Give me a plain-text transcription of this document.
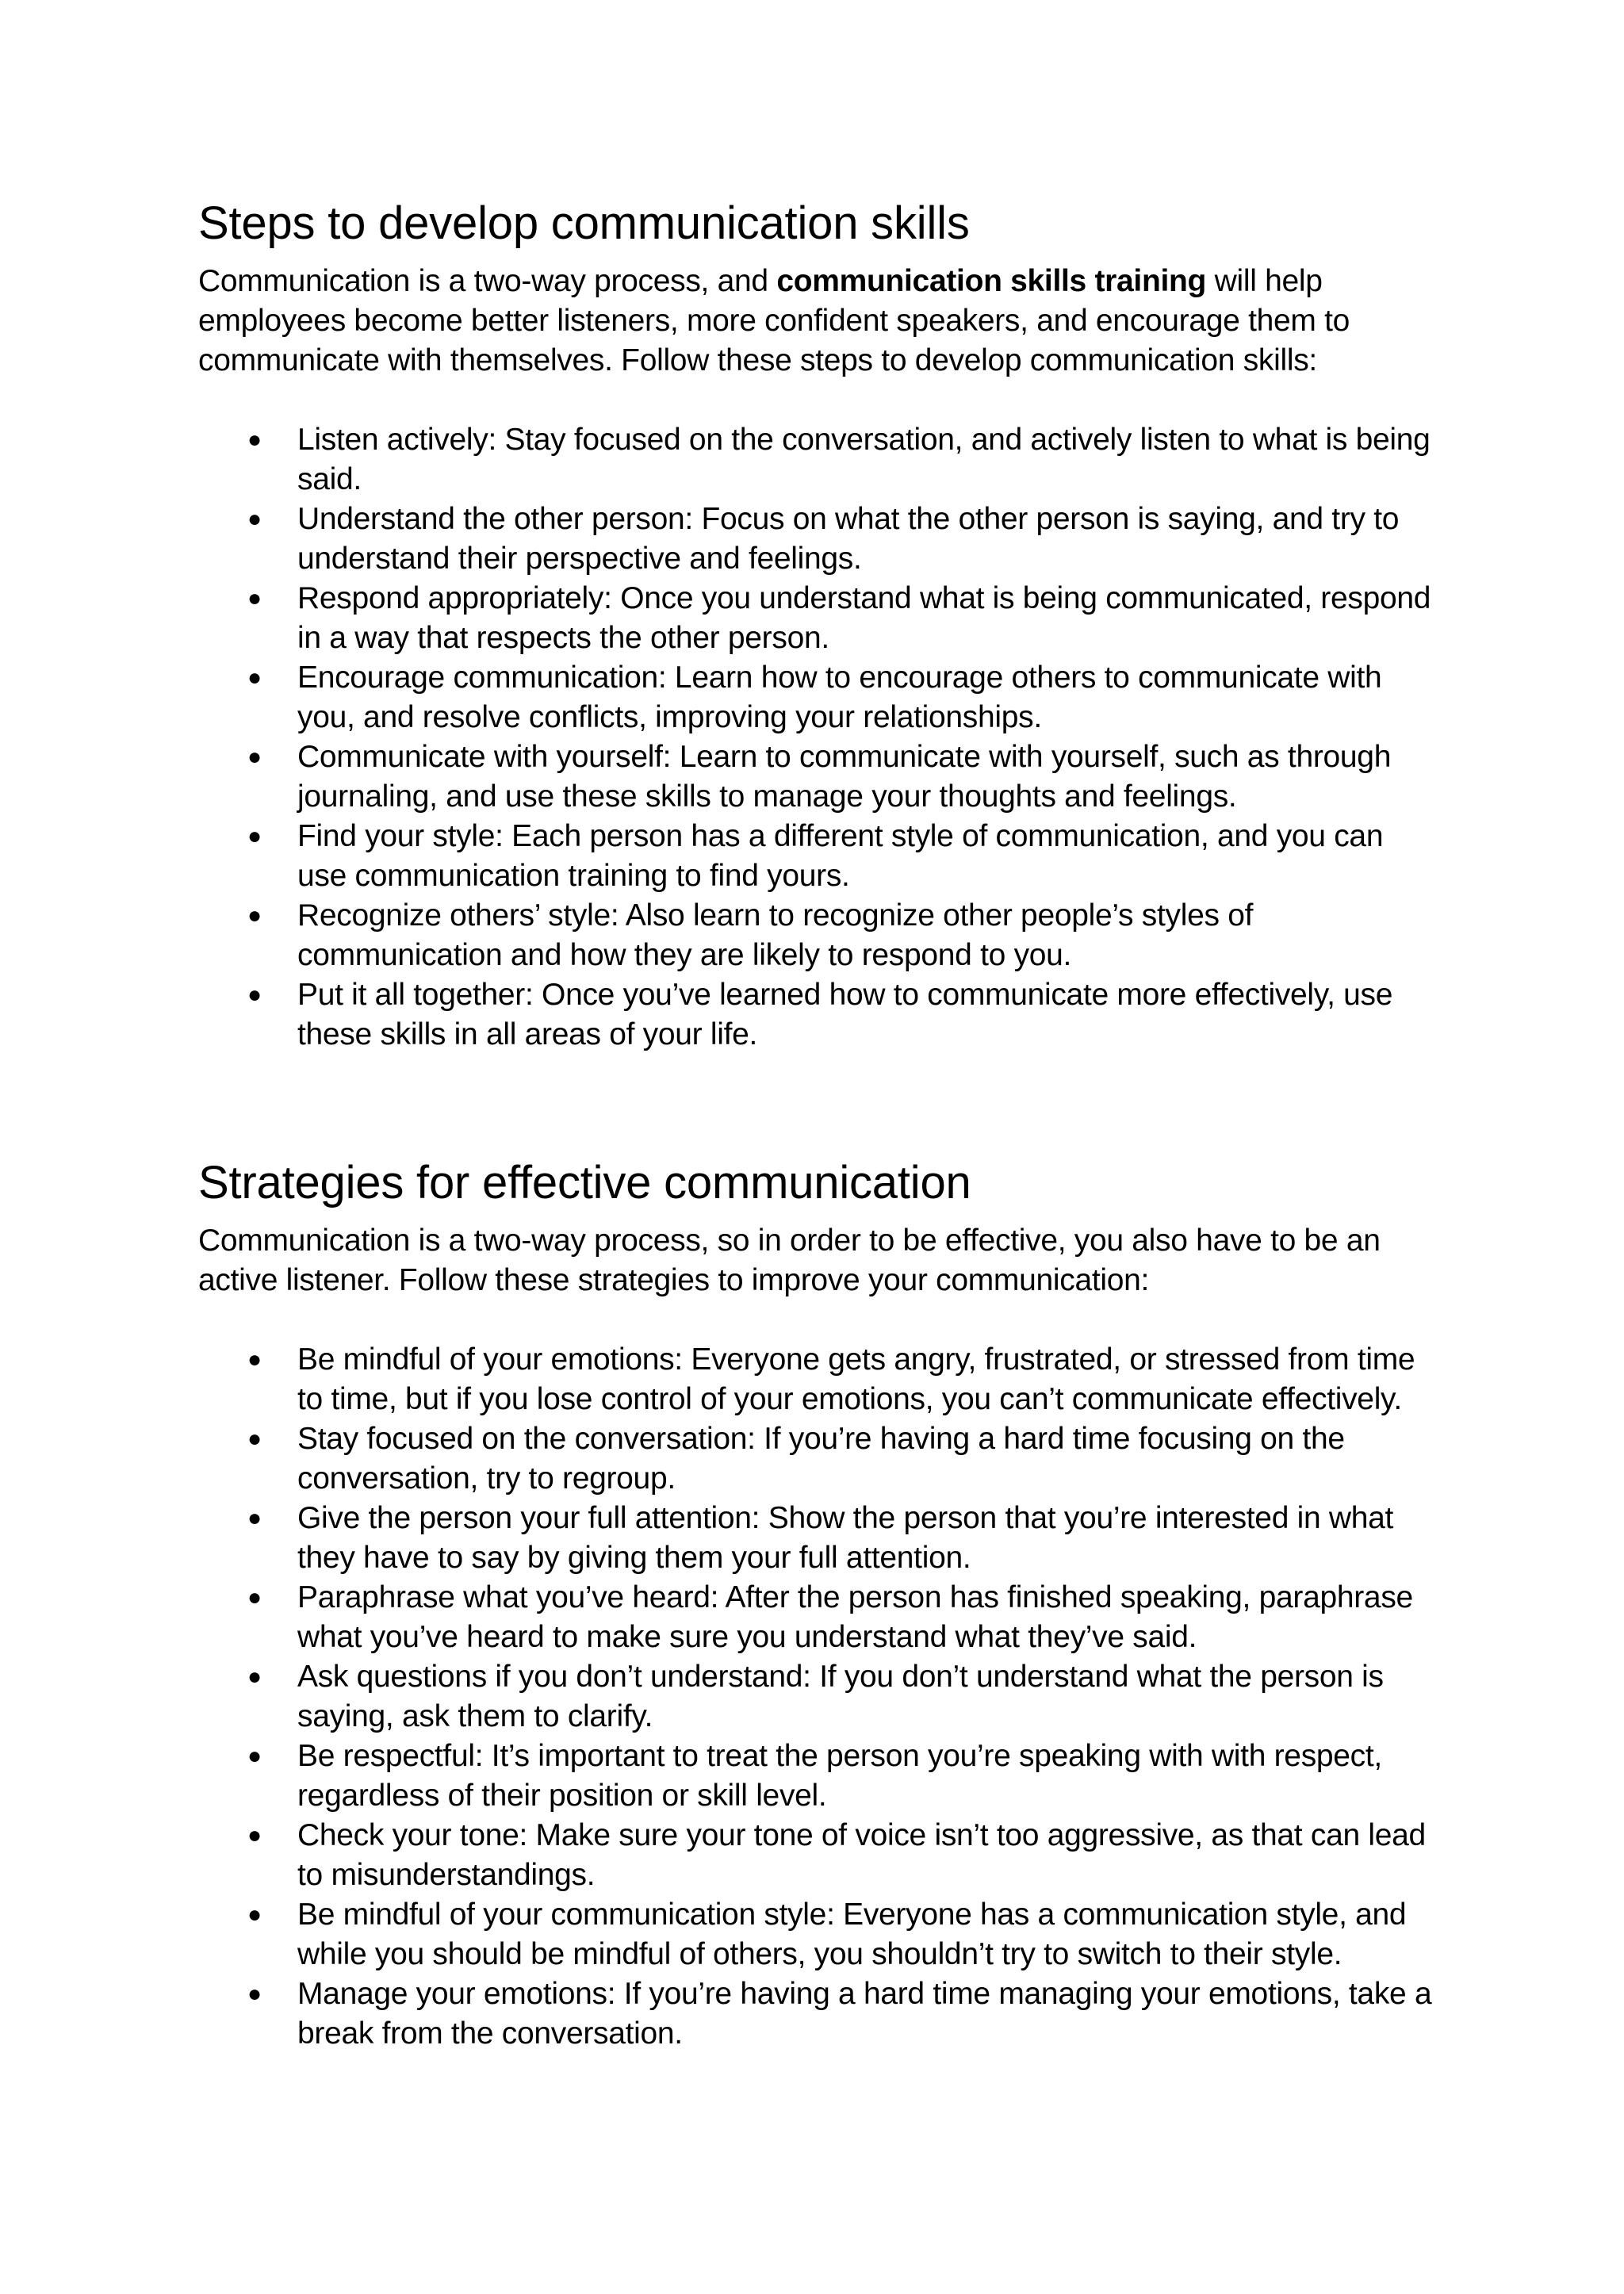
Steps to develop communication skills

Communication is a two-way process, and communication skills training will help employees become better listeners, more confident speakers, and encourage them to communicate with themselves. Follow these steps to develop communication skills:

● Listen actively: Stay focused on the conversation, and actively listen to what is being said.
● Understand the other person: Focus on what the other person is saying, and try to understand their perspective and feelings.
● Respond appropriately: Once you understand what is being communicated, respond in a way that respects the other person.
● Encourage communication: Learn how to encourage others to communicate with you, and resolve conflicts, improving your relationships.
● Communicate with yourself: Learn to communicate with yourself, such as through journaling, and use these skills to manage your thoughts and feelings.
● Find your style: Each person has a different style of communication, and you can use communication training to find yours.
● Recognize others’ style: Also learn to recognize other people’s styles of communication and how they are likely to respond to you.
● Put it all together: Once you’ve learned how to communicate more effectively, use these skills in all areas of your life.
Strategies for effective communication

Communication is a two-way process, so in order to be effective, you also have to be an active listener. Follow these strategies to improve your communication:

● Be mindful of your emotions: Everyone gets angry, frustrated, or stressed from time to time, but if you lose control of your emotions, you can’t communicate effectively.
● Stay focused on the conversation: If you’re having a hard time focusing on the conversation, try to regroup.
● Give the person your full attention: Show the person that you’re interested in what they have to say by giving them your full attention.
● Paraphrase what you’ve heard: After the person has finished speaking, paraphrase what you’ve heard to make sure you understand what they’ve said.
● Ask questions if you don’t understand: If you don’t understand what the person is saying, ask them to clarify.
● Be respectful: It’s important to treat the person you’re speaking with with respect, regardless of their position or skill level.
● Check your tone: Make sure your tone of voice isn’t too aggressive, as that can lead to misunderstandings.
● Be mindful of your communication style: Everyone has a communication style, and while you should be mindful of others, you shouldn’t try to switch to their style.
● Manage your emotions: If you’re having a hard time managing your emotions, take a break from the conversation.
